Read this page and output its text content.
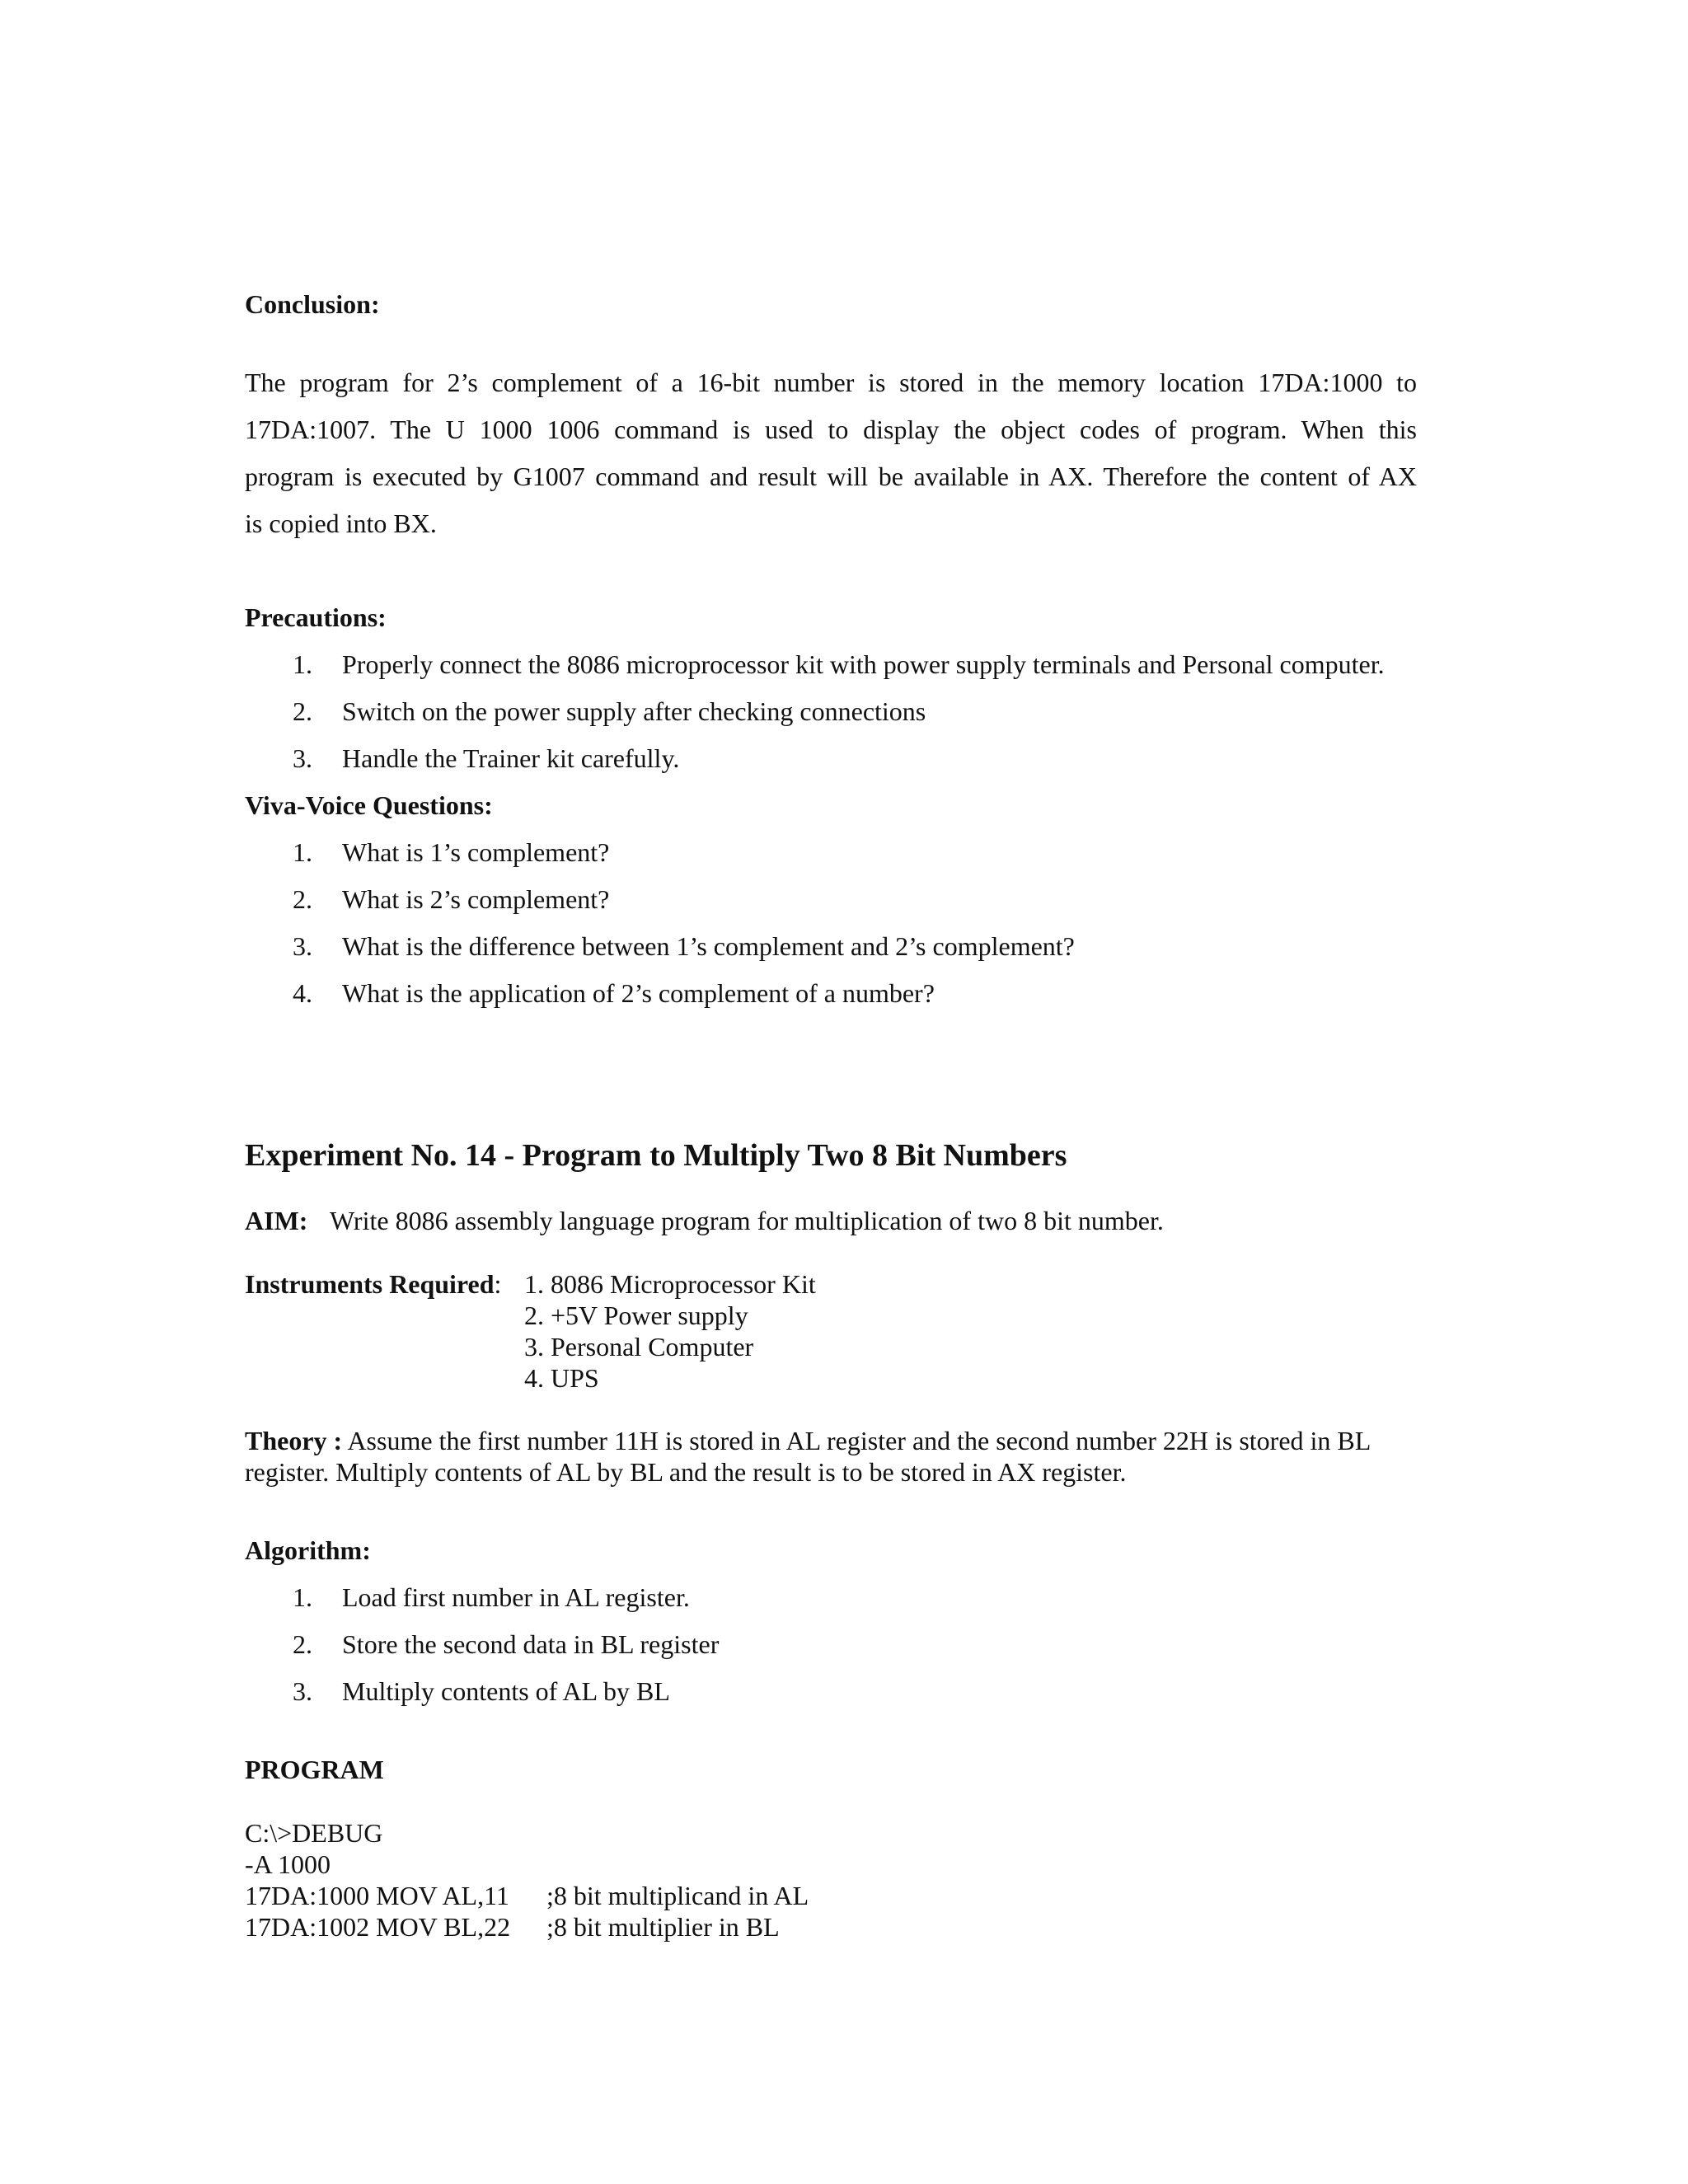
Conclusion:
The program for 2’s complement of a 16-bit number is stored in the memory location 17DA:1000 to
17DA:1007. The U 1000 1006 command is used to display the object codes of program. When this
program is executed by G1007 command and result will be available in AX. Therefore the content of AX
is copied into BX.
Precautions:
1.	Properly connect the 8086 microprocessor kit with power supply terminals and Personal computer.
2.	Switch on the power supply after checking connections
3.	Handle the Trainer kit carefully.
Viva-Voice Questions:
1.	What is 1’s complement?
2.	What is 2’s complement?
3.	What is the difference between 1’s complement and 2’s complement?
4.	What is the application of 2’s complement of a number?
Experiment No. 14 - Program to Multiply Two 8 Bit Numbers
AIM: Write 8086 assembly language program for multiplication of two 8 bit number.
Instruments Required: 1. 8086 Microprocessor Kit
2. +5V Power supply
3. Personal Computer
4. UPS
Theory : Assume the first number 11H is stored in AL register and the second number 22H is stored in BL
register. Multiply contents of AL by BL and the result is to be stored in AX register.
Algorithm:
1.	Load first number in AL register.
2.	Store the second data in BL register
3.	Multiply contents of AL by BL
PROGRAM
C:\>DEBUG
-A 1000
17DA:1000 MOV AL,11 ;8 bit multiplicand in AL
17DA:1002 MOV BL,22 ;8 bit multiplier in BL
